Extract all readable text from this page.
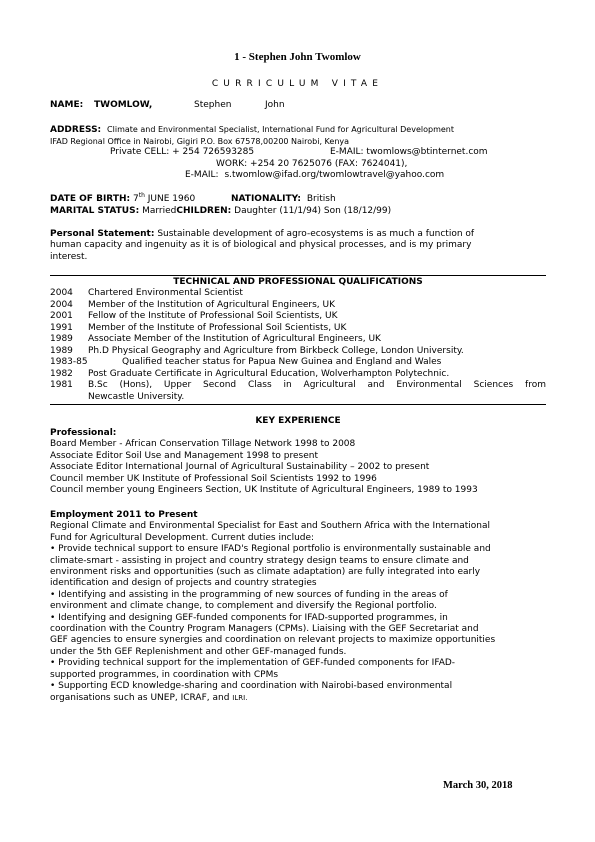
1 - Stephen John Twomlow
CURRICULUM VITAE
NAME: TWOMLOW,	Stephen	John
ADDRESS: Climate and Environmental Specialist, International Fund for Agricultural Development
IFAD Regional Office in Nairobi, Gigiri P.O. Box 67578,00200 Nairobi, Kenya
Private CELL: + 254 726593285	E-MAIL: twomlows@btinternet.com
WORK: +254 20 7625076 (FAX: 7624041),
E-MAIL: s.twomlow@ifad.org/twomlowtravel@yahoo.com
DATE OF BIRTH: 7th JUNE 1960	NATIONALITY: British
MARITAL STATUS: MarriedCHILDREN: Daughter (11/1/94) Son (18/12/99)
Personal Statement: Sustainable development of agro-ecosystems is as much a function of
human capacity and ingenuity as it is of biological and physical processes, and is my primary
interest.
TECHNICAL AND PROFESSIONAL QUALIFICATIONS
2004 Chartered Environmental Scientist
2004 Member of the Institution of Agricultural Engineers, UK
2001 Fellow of the Institute of Professional Soil Scientists, UK
1991 Member of the Institute of Professional Soil Scientists, UK
1989 Associate Member of the Institution of Agricultural Engineers, UK
1989 Ph.D Physical Geography and Agriculture from Birkbeck College, London University.
1983-85	Qualified teacher status for Papua New Guinea and England and Wales
1982 Post Graduate Certificate in Agricultural Education, Wolverhampton Polytechnic.
1981 B.Sc (Hons), Upper Second Class in Agricultural and Environmental Sciences from
Newcastle University.
KEY EXPERIENCE
Professional:
Board Member - African Conservation Tillage Network 1998 to 2008
Associate Editor Soil Use and Management 1998 to present
Associate Editor International Journal of Agricultural Sustainability – 2002 to present
Council member UK Institute of Professional Soil Scientists 1992 to 1996
Council member young Engineers Section, UK Institute of Agricultural Engineers, 1989 to 1993
Employment 2011 to Present
Regional Climate and Environmental Specialist for East and Southern Africa with the International
Fund for Agricultural Development. Current duties include:
• Provide technical support to ensure IFAD's Regional portfolio is environmentally sustainable and
climate-smart - assisting in project and country strategy design teams to ensure climate and
environment risks and opportunities (such as climate adaptation) are fully integrated into early
identification and design of projects and country strategies
• Identifying and assisting in the programming of new sources of funding in the areas of
environment and climate change, to complement and diversify the Regional portfolio.
• Identifying and designing GEF-funded components for IFAD-supported programmes, in
coordination with the Country Program Managers (CPMs). Liaising with the GEF Secretariat and
GEF agencies to ensure synergies and coordination on relevant projects to maximize opportunities
under the 5th GEF Replenishment and other GEF-managed funds.
• Providing technical support for the implementation of GEF-funded components for IFAD-
supported programmes, in coordination with CPMs
• Supporting ECD knowledge-sharing and coordination with Nairobi-based environmental
organisations such as UNEP, ICRAF, and ILRI.
March 30, 2018
